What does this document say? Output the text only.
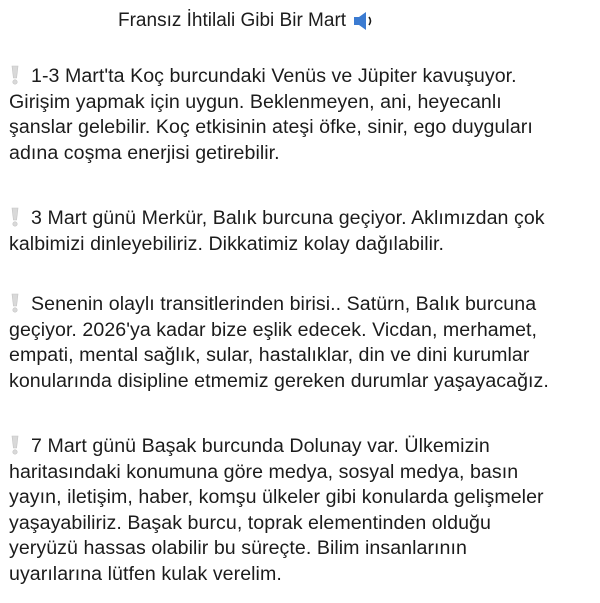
Fransız İhtilali Gibi Bir Mart

1-3 Mart'ta Koç burcundaki Venüs ve Jüpiter kavuşuyor.
Girişim yapmak için uygun. Beklenmeyen, ani, heyecanlı
şanslar gelebilir. Koç etkisinin ateşi öfke, sinir, ego duyguları
adına coşma enerjisi getirebilir.

3 Mart günü Merkür, Balık burcuna geçiyor. Aklımızdan çok
kalbimizi dinleyebiliriz. Dikkatimiz kolay dağılabilir.

Senenin olaylı transitlerinden birisi.. Satürn, Balık burcuna
geçiyor. 2026'ya kadar bize eşlik edecek. Vicdan, merhamet,
empati, mental sağlık, sular, hastalıklar, din ve dini kurumlar
konularında disipline etmemiz gereken durumlar yaşayacağız.

7 Mart günü Başak burcunda Dolunay var. Ülkemizin
haritasındaki konumuna göre medya, sosyal medya, basın
yayın, iletişim, haber, komşu ülkeler gibi konularda gelişmeler
yaşayabiliriz. Başak burcu, toprak elementinden olduğu
yeryüzü hassas olabilir bu süreçte. Bilim insanlarının
uyarılarına lütfen kulak verelim.
